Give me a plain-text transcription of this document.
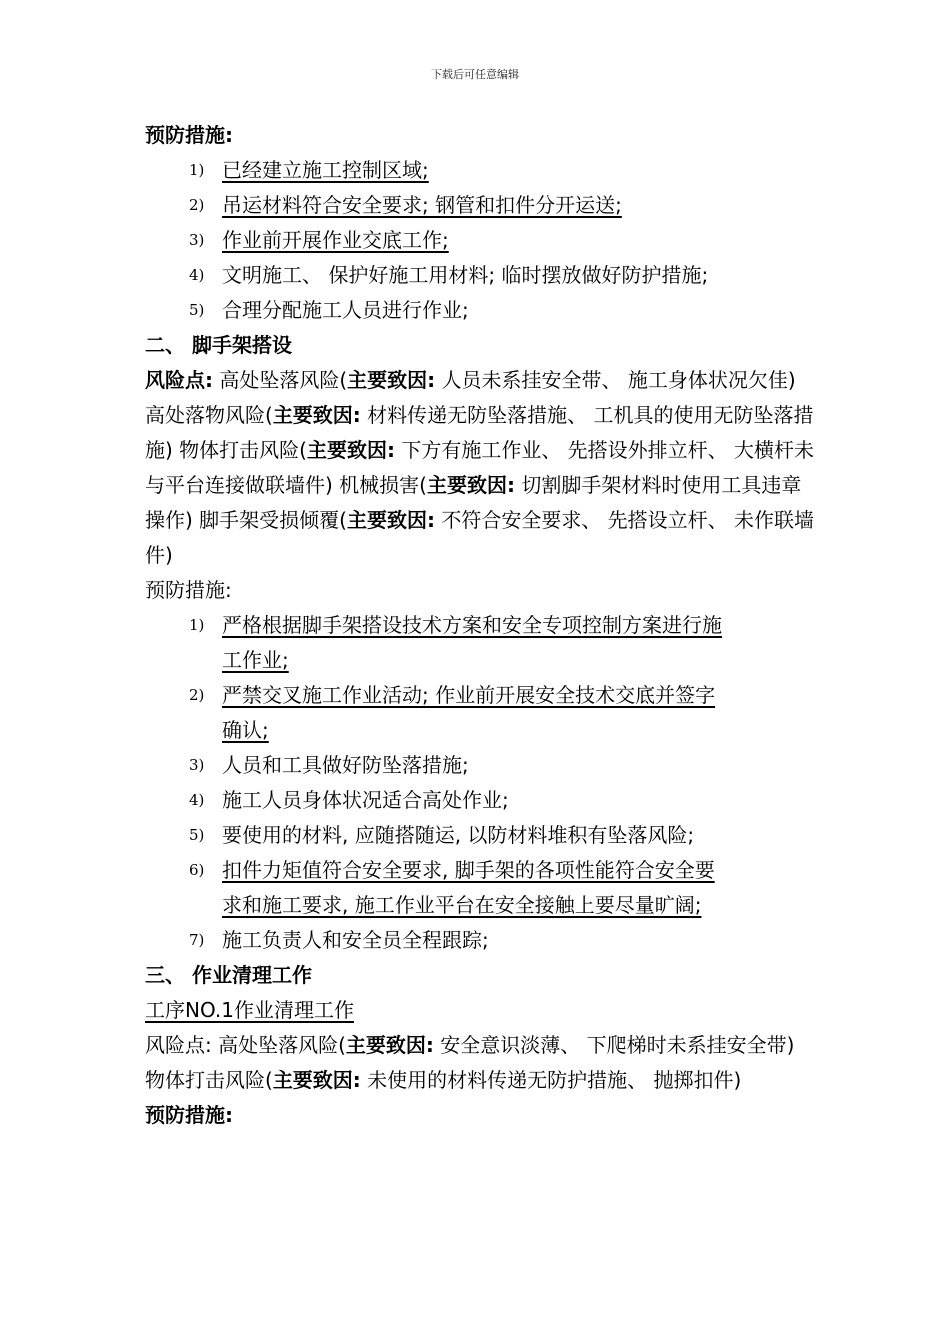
下载后可任意编辑

预防措施:

1) 已经建立施工控制区域;
2) 吊运材料符合安全要求; 钢管和扣件分开运送;
3) 作业前开展作业交底工作;
4) 文明施工、 保护好施工用材料; 临时摆放做好防护措施;
5) 合理分配施工人员进行作业;

二、 脚手架搭设

风险点: 高处坠落风险(主要致因: 人员未系挂安全带、 施工身体状况欠佳) 高处落物风险(主要致因: 材料传递无防坠落措施、 工机具的使用无防坠落措施) 物体打击风险(主要致因: 下方有施工作业、 先搭设外排立杆、 大横杆未与平台连接做联墙件) 机械损害(主要致因: 切割脚手架材料时使用工具违章操作) 脚手架受损倾覆(主要致因: 不符合安全要求、 先搭设立杆、 未作联墙件)

预防措施:

1) 严格根据脚手架搭设技术方案和安全专项控制方案进行施
工作业;
2) 严禁交叉施工作业活动; 作业前开展安全技术交底并签字
确认;
3) 人员和工具做好防坠落措施;
4) 施工人员身体状况适合高处作业;
5) 要使用的材料, 应随搭随运, 以防材料堆积有坠落风险;
6) 扣件力矩值符合安全要求, 脚手架的各项性能符合安全要
求和施工要求, 施工作业平台在安全接触上要尽量旷阔;
7) 施工负责人和安全员全程跟踪;

三、 作业清理工作

工序NO.1作业清理工作

风险点: 高处坠落风险(主要致因: 安全意识淡薄、 下爬梯时未系挂安全带) 物体打击风险(主要致因: 未使用的材料传递无防护措施、 抛掷扣件)

预防措施:
